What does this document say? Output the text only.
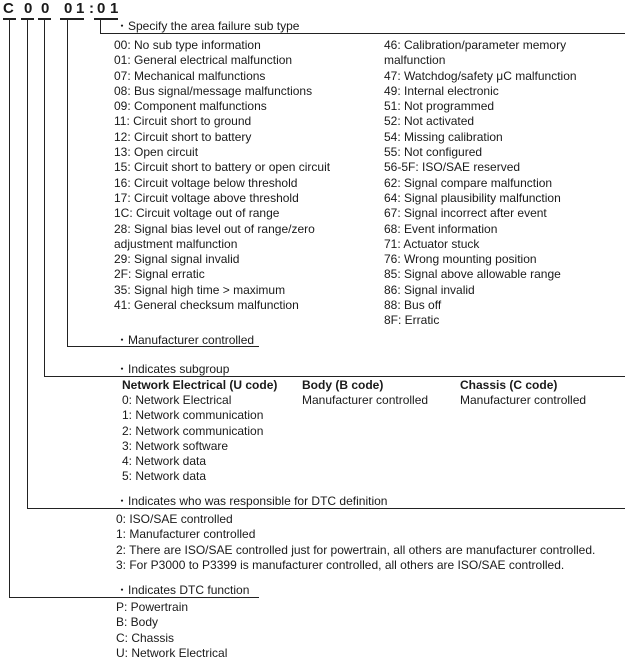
C 0 0 0 1 : 0 1
・Specify the area failure sub type
00: No sub type information
01: General electrical malfunction
07: Mechanical malfunctions
08: Bus signal/message malfunctions
09: Component malfunctions
11: Circuit short to ground
12: Circuit short to battery
13: Open circuit
15: Circuit short to battery or open circuit
16: Circuit voltage below threshold
17: Circuit voltage above threshold
1C: Circuit voltage out of range
28: Signal bias level out of range/zero
adjustment malfunction
29: Signal signal invalid
2F: Signal erratic
35: Signal high time > maximum
41: General checksum malfunction
46: Calibration/parameter memory
malfunction
47: Watchdog/safety μC malfunction
49: Internal electronic
51: Not programmed
52: Not activated
54: Missing calibration
55: Not configured
56-5F: ISO/SAE reserved
62: Signal compare malfunction
64: Signal plausibility malfunction
67: Signal incorrect after event
68: Event information
71: Actuator stuck
76: Wrong mounting position
85: Signal above allowable range
86: Signal invalid
88: Bus off
8F: Erratic
・Manufacturer controlled
・Indicates subgroup
Network Electrical (U code)
0: Network Electrical
1: Network communication
2: Network communication
3: Network software
4: Network data
5: Network data
Body (B code)
Manufacturer controlled
Chassis (C code)
Manufacturer controlled
・Indicates who was responsible for DTC definition
0: ISO/SAE controlled
1: Manufacturer controlled
2: There are ISO/SAE controlled just for powertrain, all others are manufacturer controlled.
3: For P3000 to P3399 is manufacturer controlled, all others are ISO/SAE controlled.
・Indicates DTC function
P: Powertrain
B: Body
C: Chassis
U: Network Electrical
